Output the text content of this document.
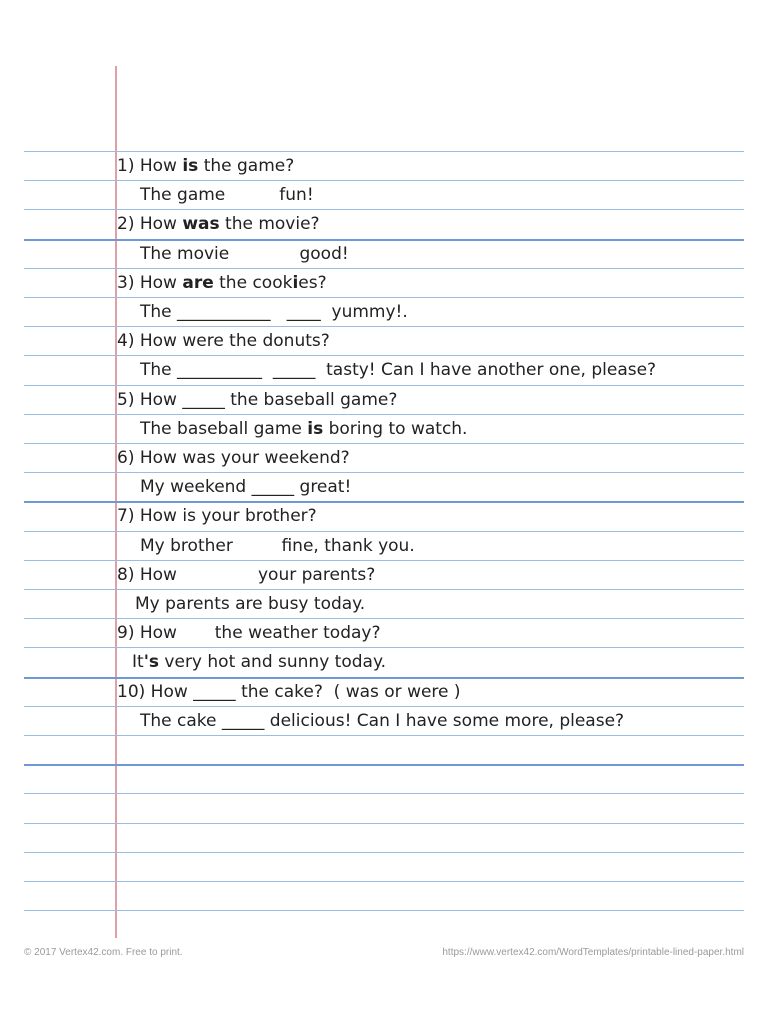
1) How is the game?
The game          fun!
2) How was the movie?
The movie             good!
3) How are the cookies?
The ___________   ____  yummy!.
4) How were the donuts?
The __________  _____  tasty! Can I have another one, please?
5) How _____ the baseball game?
The baseball game is boring to watch.
6) How was your weekend?
My weekend _____ great!
7) How is your brother?
My brother         fine, thank you.
8) How               your parents?
My parents are busy today.
9) How       the weather today?
It's very hot and sunny today.
10) How _____ the cake?  ( was or were )
The cake _____ delicious! Can I have some more, please?
© 2017 Vertex42.com. Free to print.	https://www.vertex42.com/WordTemplates/printable-lined-paper.html
